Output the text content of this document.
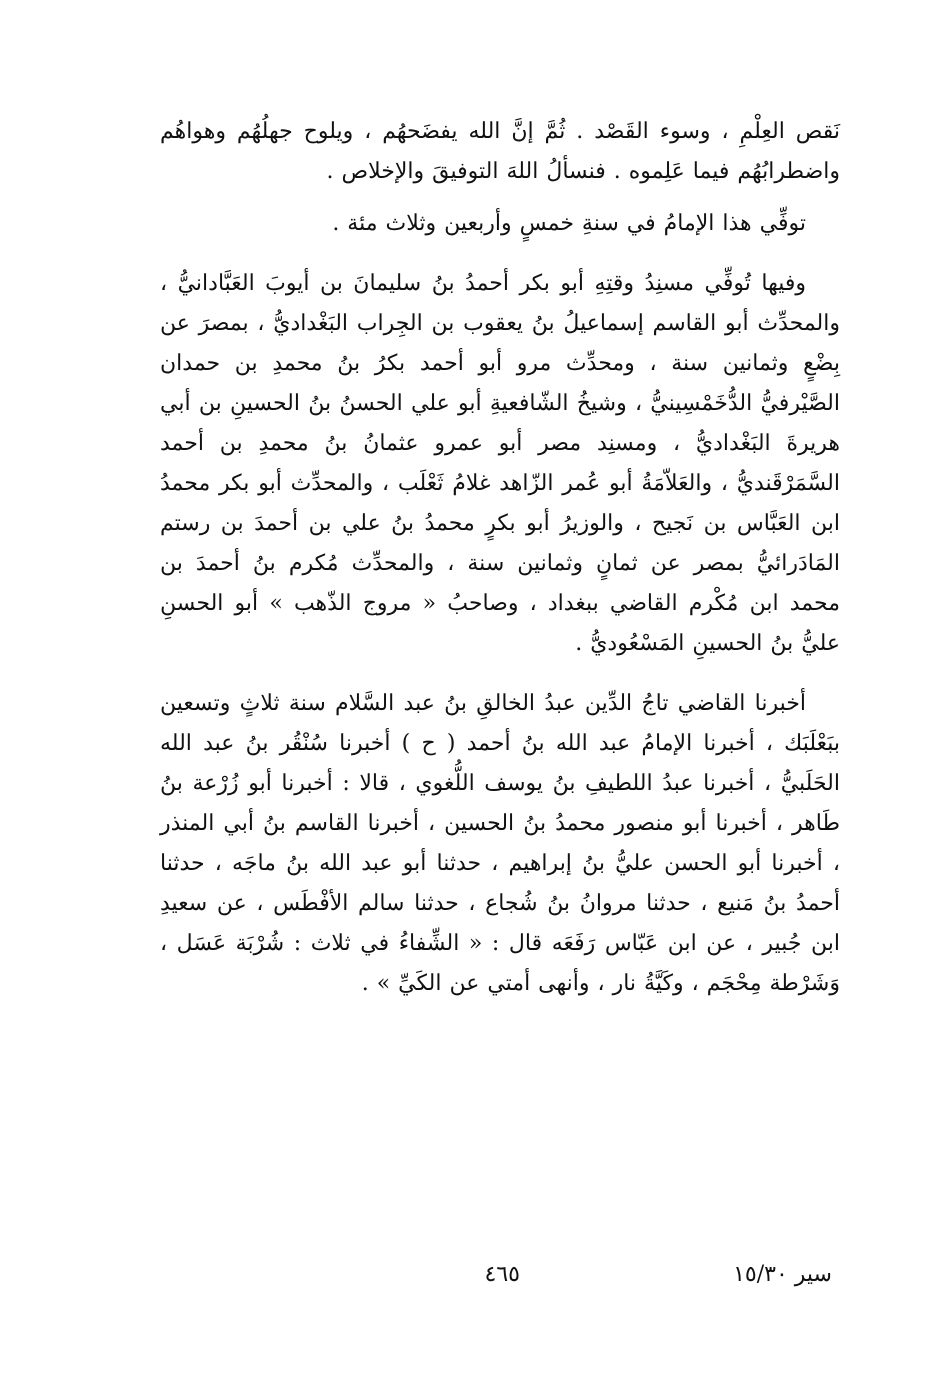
نَقص العِلْمِ ، وسوء القَصْد . ثُمَّ إنَّ الله يفضَحهُم ، ويلوح جهلُهُم وهواهُم واضطرابُهُم فيما عَلِموه . فنسألُ اللهَ التوفيقَ والإخلاص .

توفِّي هذا الإمامُ في سنةِ خمسٍ وأربعين وثلاث مئة .

وفيها تُوفِّي مسنِدُ وقتِهِ أبو بكر أحمدُ بنُ سليمانَ بن أيوبَ العَبَّادانيُّ ، والمحدِّث أبو القاسم إسماعيلُ بنُ يعقوب بن الجِراب البَغْداديُّ ، بمصرَ عن بِضْعٍ وثمانين سنة ، ومحدِّث مرو أبو أحمد بكرُ بنُ محمدِ بن حمدان الصَّيْرفيُّ الدُّخَمْسِينيُّ ، وشيخُ الشّافعيةِ أبو علي الحسنُ بنُ الحسينِ بن أبي هريرةَ البَغْداديُّ ، ومسنِد مصر أبو عمرو عثمانُ بنُ محمدِ بن أحمد السَّمَرْقَنديُّ ، والعَلاّمَةُ أبو عُمر الزّاهد غلامُ ثَعْلَب ، والمحدِّث أبو بكر محمدُ ابن العَبَّاس بن نَجيح ، والوزيرُ أبو بكرٍ محمدُ بنُ علي بن أحمدَ بن رستم المَادَرائيُّ بمصر عن ثمانٍ وثمانين سنة ، والمحدِّث مُكرم بنُ أحمدَ بن محمد ابن مُكْرم القاضي ببغداد ، وصاحبُ « مروج الذّهب » أبو الحسنِ عليُّ بنُ الحسينِ المَسْعُوديُّ .

أخبرنا القاضي تاجُ الدِّين عبدُ الخالقِ بنُ عبد السَّلام سنة ثلاثٍ وتسعين ببَعْلَبَك ، أخبرنا الإمامُ عبد الله بنُ أحمد ( ح ) أخبرنا سُنْقُر بنُ عبد الله الحَلَبيُّ ، أخبرنا عبدُ اللطيفِ بنُ يوسف اللُّغوي ، قالا : أخبرنا أبو زُرْعة بنُ طَاهر ، أخبرنا أبو منصور محمدُ بنُ الحسين ، أخبرنا القاسم بنُ أبي المنذر ، أخبرنا أبو الحسن عليُّ بنُ إبراهيم ، حدثنا أبو عبد الله بنُ ماجَه ، حدثنا أحمدُ بنُ مَنيع ، حدثنا مروانُ بنُ شُجاع ، حدثنا سالم الأفْطَس ، عن سعيدِ ابن جُبير ، عن ابن عَبّاس رَفَعَه قال : « الشِّفاءُ في ثلاث : شُرْبَة عَسَل ، وَشَرْطة مِحْجَم ، وكَيَّةُ نار ، وأنهى أمتي عن الكَيِّ » .

سير ١٥/٣٠
٤٦٥
